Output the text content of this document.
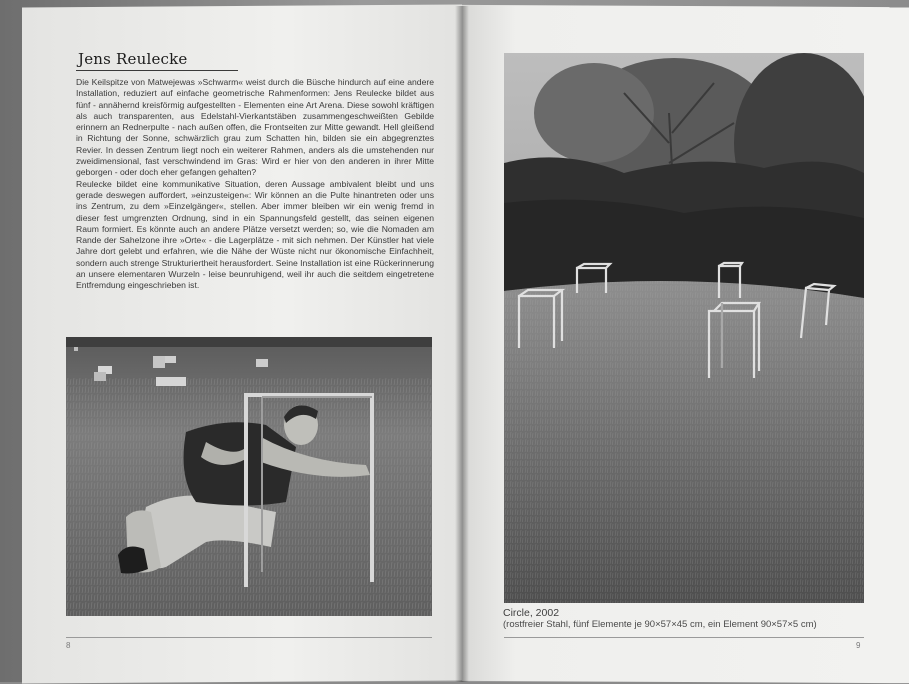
Jens Reulecke

Die Keilspitze von Matwejewas »Schwarm« weist durch die Büsche hindurch auf eine andere Installation, reduziert auf einfache geometrische Rahmenformen: Jens Reulecke bildet aus fünf - annähernd kreisförmig aufgestellten - Elementen eine Art Arena. Diese sowohl kräftigen als auch transparenten, aus Edelstahl-Vierkantstäben zusammengeschweißten Gebilde erinnern an Rednerpulte - nach außen offen, die Frontseiten zur Mitte gewandt. Hell gleißend in Richtung der Sonne, schwärzlich grau zum Schatten hin, bilden sie ein abgegrenztes Revier. In dessen Zentrum liegt noch ein weiterer Rahmen, anders als die umstehenden nur zweidimensional, fast verschwindend im Gras: Wird er hier von den anderen in ihrer Mitte geborgen - oder doch eher gefangen gehalten?

Reulecke bildet eine kommunikative Situation, deren Aussage ambivalent bleibt und uns gerade deswegen auffordert, »einzusteigen«: Wir können an die Pulte hinantreten oder uns ins Zentrum, zu dem »Einzelgänger«, stellen. Aber immer bleiben wir ein wenig fremd in dieser fest umgrenzten Ordnung, sind in ein Spannungsfeld gestellt, das seinen eigenen Raum formiert. Es könnte auch an andere Plätze versetzt werden; so, wie die Nomaden am Rande der Sahelzone ihre »Orte« - die Lagerplätze - mit sich nehmen. Der Künstler hat viele Jahre dort gelebt und erfahren, wie die Nähe der Wüste nicht nur ökonomische Einfachheit, sondern auch strenge Strukturiertheit herausfordert. Seine Installation ist eine Rückerinnerung an unsere elementaren Wurzeln - leise beunruhigend, weil ihr auch die seitdem eingetretene Entfremdung eingeschrieben ist.

Circle, 2002
(rostfreier Stahl, fünf Elemente je 90×57×45 cm, ein Element 90×57×5 cm)
8	9
